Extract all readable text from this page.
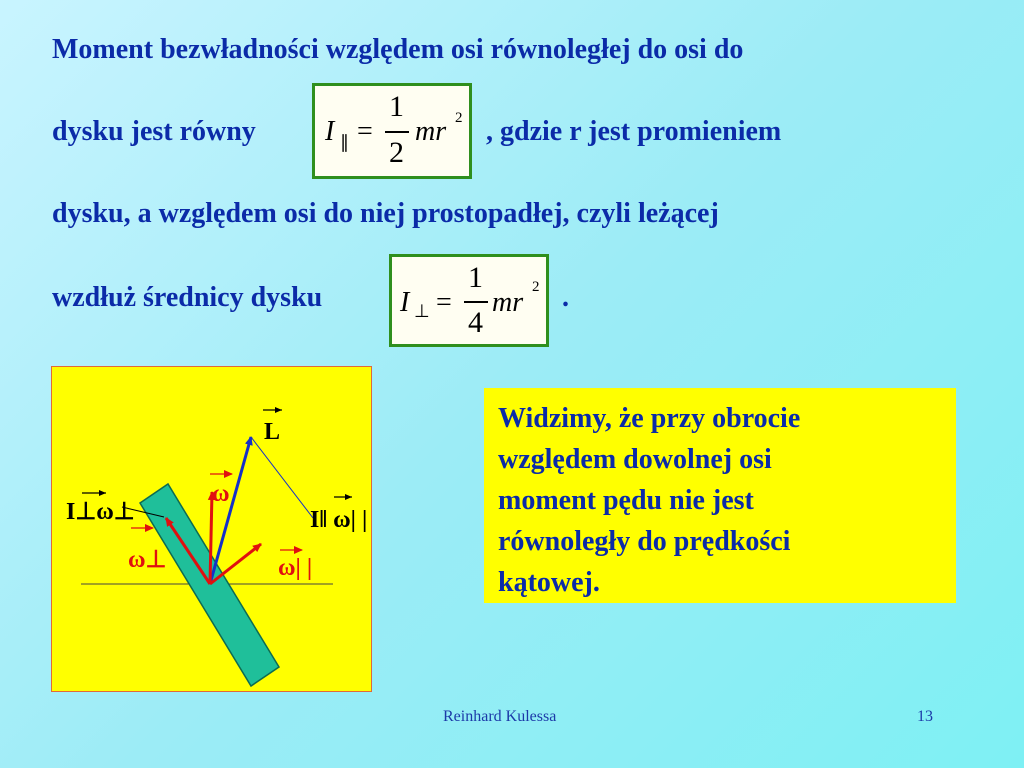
Moment bezwładności względem osi równoległej do osi do
dysku jest równy I ∥ =
1
2
mr 2 , gdzie r jest promieniem
dysku, a względem osi do niej prostopadłej, czyli leżącej
wzdłuż średnicy dysku	I ⊥ =
1
4
mr 2 .
L
ω
I⊥ω⊥	I‖ ω| |
ω⊥	ω| |

Widzimy, że przy obrocie

względem dowolnej osi

moment pędu nie jest

równoległy do prędkości

kątowej.

Reinhard Kulessa	13
